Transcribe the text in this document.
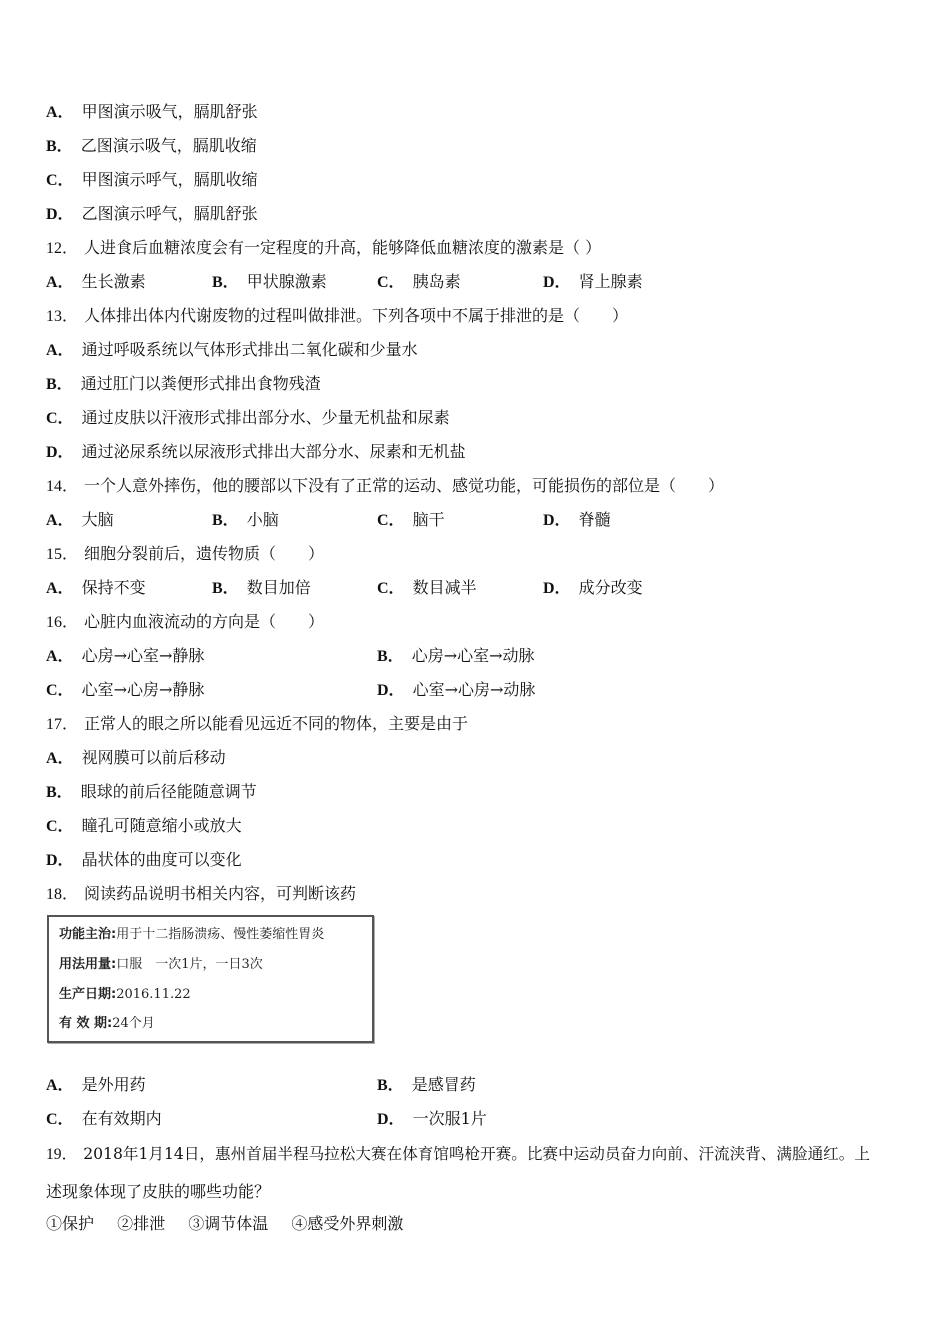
A． 甲图演示吸气，膈肌舒张
B． 乙图演示吸气，膈肌收缩
C． 甲图演示呼气，膈肌收缩
D． 乙图演示呼气，膈肌舒张
12． 人进食后血糖浓度会有一定程度的升高，能够降低血糖浓度的激素是（ ）
A． 生长激素	B． 甲状腺激素	C． 胰岛素	D． 肾上腺素
13． 人体排出体内代谢废物的过程叫做排泄。下列各项中不属于排泄的是（　　）
A． 通过呼吸系统以气体形式排出二氧化碳和少量水
B． 通过肛门以粪便形式排出食物残渣
C． 通过皮肤以汗液形式排出部分水、少量无机盐和尿素
D． 通过泌尿系统以尿液形式排出大部分水、尿素和无机盐
14． 一个人意外摔伤，他的腰部以下没有了正常的运动、感觉功能，可能损伤的部位是（　　）
A． 大脑	B． 小脑	C． 脑干	D． 脊髓
15． 细胞分裂前后，遗传物质（　　）
A． 保持不变	B． 数目加倍	C． 数目减半	D． 成分改变
16． 心脏内血液流动的方向是（　　）
A． 心房→心室→静脉	B． 心房→心室→动脉
C． 心室→心房→静脉	D． 心室→心房→动脉
17． 正常人的眼之所以能看见远近不同的物体，主要是由于
A． 视网膜可以前后移动
B． 眼球的前后径能随意调节
C． 瞳孔可随意缩小或放大
D． 晶状体的曲度可以变化
18． 阅读药品说明书相关内容，可判断该药
功能主治:用于十二指肠溃疡、慢性萎缩性胃炎
用法用量:口服　一次1片，一日3次
生产日期:2016.11.22
有 效 期:24个月
A． 是外用药	B． 是感冒药
C． 在有效期内	D． 一次服1片
19． 2018年1月14日，惠州首届半程马拉松大赛在体育馆鸣枪开赛。比赛中运动员奋力向前、汗流浃背、满脸通红。上
述现象体现了皮肤的哪些功能？
①保护 ②排泄 ③调节体温 ④感受外界刺激
